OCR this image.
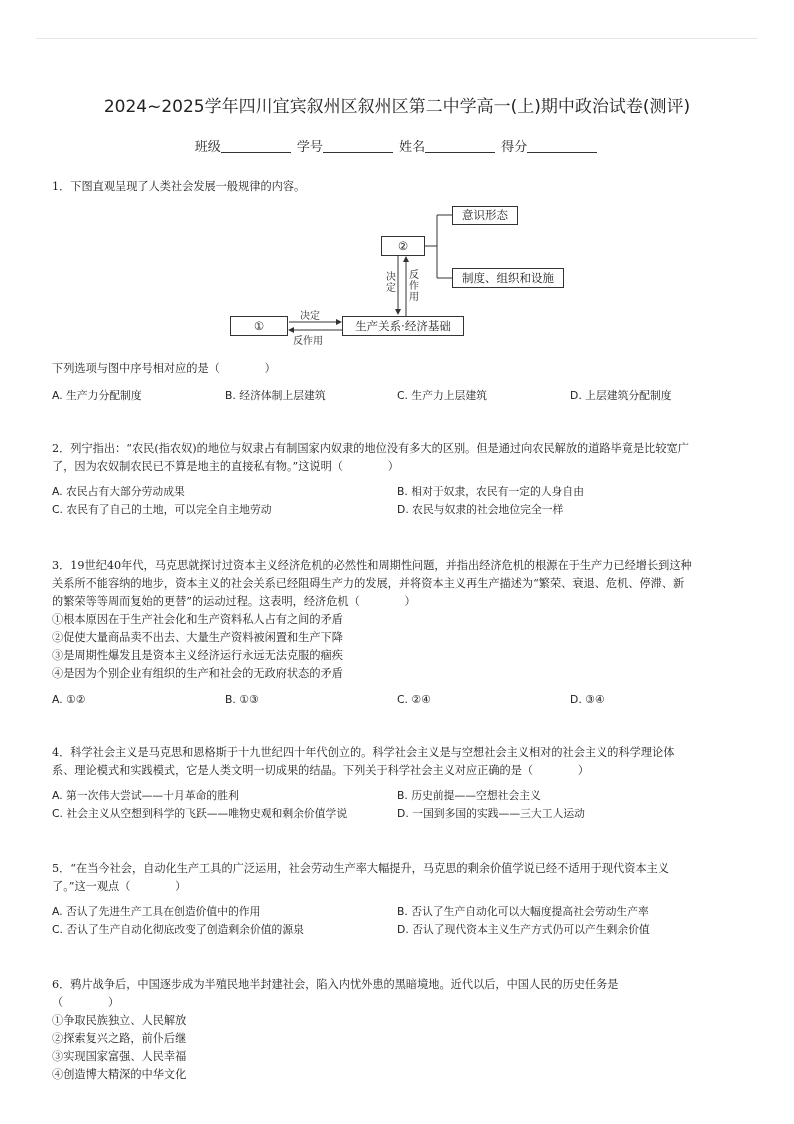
2024~2025学年四川宜宾叙州区叙州区第二中学高一(上)期中政治试卷(测评)
班级	学号	姓名	得分
1．下图直观呈现了人类社会发展一般规律的内容。
意识形态
②
制度、组织和设施
①	生产关系·经济基础
决定
反作用
决定
反作用
下列选项与图中序号相对应的是（　　　　）
A. 生产力分配制度	B. 经济体制上层建筑	C. 生产力上层建筑	D. 上层建筑分配制度
2．列宁指出：“农民(指农奴)的地位与奴隶占有制国家内奴隶的地位没有多大的区别。但是通过向农民解放的道路毕竟是比较宽广
了，因为农奴制农民已不算是地主的直接私有物。”这说明（　　　　）
A. 农民占有大部分劳动成果	B. 相对于奴隶，农民有一定的人身自由
C. 农民有了自己的土地，可以完全自主地劳动	D. 农民与奴隶的社会地位完全一样
3．19世纪40年代，马克思就探讨过资本主义经济危机的必然性和周期性问题，并指出经济危机的根源在于生产力已经增长到这种
关系所不能容纳的地步，资本主义的社会关系已经阻碍生产力的发展，并将资本主义再生产描述为“繁荣、衰退、危机、停滞、新
的繁荣等等周而复始的更替”的运动过程。这表明，经济危机（　　　　）
①根本原因在于生产社会化和生产资料私人占有之间的矛盾
②促使大量商品卖不出去、大量生产资料被闲置和生产下降
③是周期性爆发且是资本主义经济运行永远无法克服的痼疾
④是因为个别企业有组织的生产和社会的无政府状态的矛盾
A. ①②	B. ①③	C. ②④	D. ③④
4．科学社会主义是马克思和恩格斯于十九世纪四十年代创立的。科学社会主义是与空想社会主义相对的社会主义的科学理论体
系、理论模式和实践模式，它是人类文明一切成果的结晶。下列关于科学社会主义对应正确的是（　　　　）
A. 第一次伟大尝试——十月革命的胜利	B. 历史前提——空想社会主义
C. 社会主义从空想到科学的飞跃——唯物史观和剩余价值学说	D. 一国到多国的实践——三大工人运动
5．“在当今社会，自动化生产工具的广泛运用，社会劳动生产率大幅提升，马克思的剩余价值学说已经不适用于现代资本主义
了。”这一观点（　　　　）
A. 否认了先进生产工具在创造价值中的作用	B. 否认了生产自动化可以大幅度提高社会劳动生产率
C. 否认了生产自动化彻底改变了创造剩余价值的源泉	D. 否认了现代资本主义生产方式仍可以产生剩余价值
6．鸦片战争后，中国逐步成为半殖民地半封建社会，陷入内忧外患的黑暗境地。近代以后，中国人民的历史任务是
（　　　　）
①争取民族独立、人民解放
②探索复兴之路，前仆后继
③实现国家富强、人民幸福
④创造博大精深的中华文化
